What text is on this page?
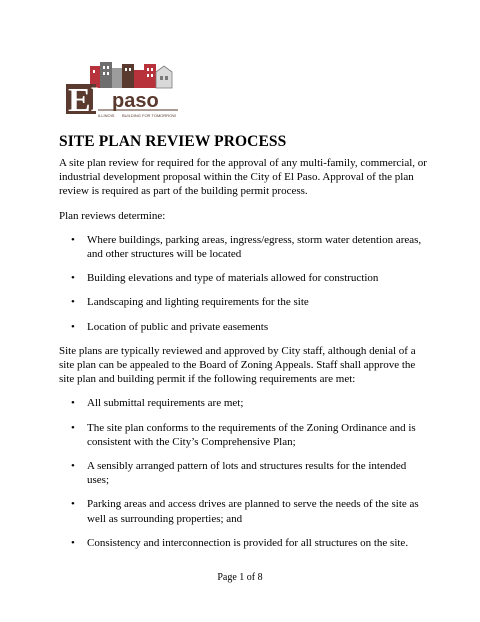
El paso
ILLINOIS BUILDING FOR TOMORROW
SITE PLAN REVIEW PROCESS

A site plan review for required for the approval of any multi-family, commercial, or industrial development proposal within the City of El Paso. Approval of the plan review is required as part of the building permit process.

Plan reviews determine:

• Where buildings, parking areas, ingress/egress, storm water detention areas, and other structures will be located
• Building elevations and type of materials allowed for construction
• Landscaping and lighting requirements for the site
• Location of public and private easements

Site plans are typically reviewed and approved by City staff, although denial of a site plan can be appealed to the Board of Zoning Appeals. Staff shall approve the site plan and building permit if the following requirements are met:

• All submittal requirements are met;
• The site plan conforms to the requirements of the Zoning Ordinance and is consistent with the City’s Comprehensive Plan;
• A sensibly arranged pattern of lots and structures results for the intended uses;
• Parking areas and access drives are planned to serve the needs of the site as well as surrounding properties; and
• Consistency and interconnection is provided for all structures on the site.
Page 1 of 8
